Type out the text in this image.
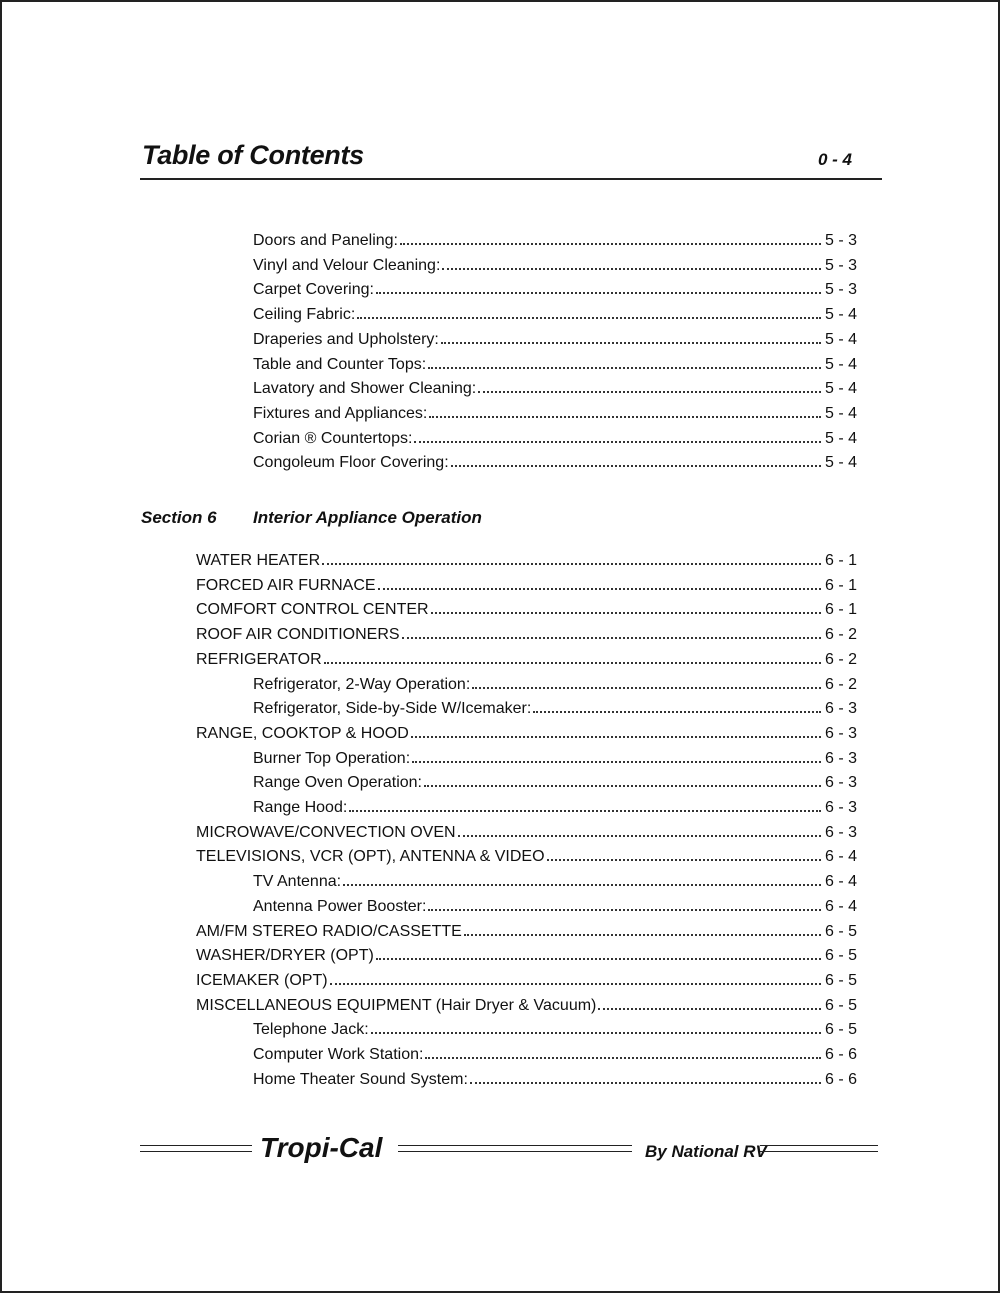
Table of Contents	0 - 4
Doors and Paneling:	5 - 3
Vinyl and Velour Cleaning:	5 - 3
Carpet Covering:	5 - 3
Ceiling Fabric:	5 - 4
Draperies and Upholstery:	5 - 4
Table and Counter Tops:	5 - 4
Lavatory and Shower Cleaning:	5 - 4
Fixtures and Appliances:	5 - 4
Corian ® Countertops:	5 - 4
Congoleum Floor Covering:	5 - 4
Section 6 Interior Appliance Operation
WATER HEATER	6 - 1
FORCED AIR FURNACE	6 - 1
COMFORT CONTROL CENTER	6 - 1
ROOF AIR CONDITIONERS	6 - 2
REFRIGERATOR	6 - 2
Refrigerator, 2-Way Operation:	6 - 2
Refrigerator, Side-by-Side W/Icemaker:	6 - 3
RANGE, COOKTOP & HOOD	6 - 3
Burner Top Operation:	6 - 3
Range Oven Operation:	6 - 3
Range Hood:	6 - 3
MICROWAVE/CONVECTION OVEN	6 - 3
TELEVISIONS, VCR (OPT), ANTENNA & VIDEO	6 - 4
TV Antenna:	6 - 4
Antenna Power Booster:	6 - 4
AM/FM STEREO RADIO/CASSETTE	6 - 5
WASHER/DRYER (OPT)	6 - 5
ICEMAKER (OPT)	6 - 5
MISCELLANEOUS EQUIPMENT (Hair Dryer & Vacuum)	6 - 5
Telephone Jack:	6 - 5
Computer Work Station:	6 - 6
Home Theater Sound System:	6 - 6
Tropi-Cal	By National RV
